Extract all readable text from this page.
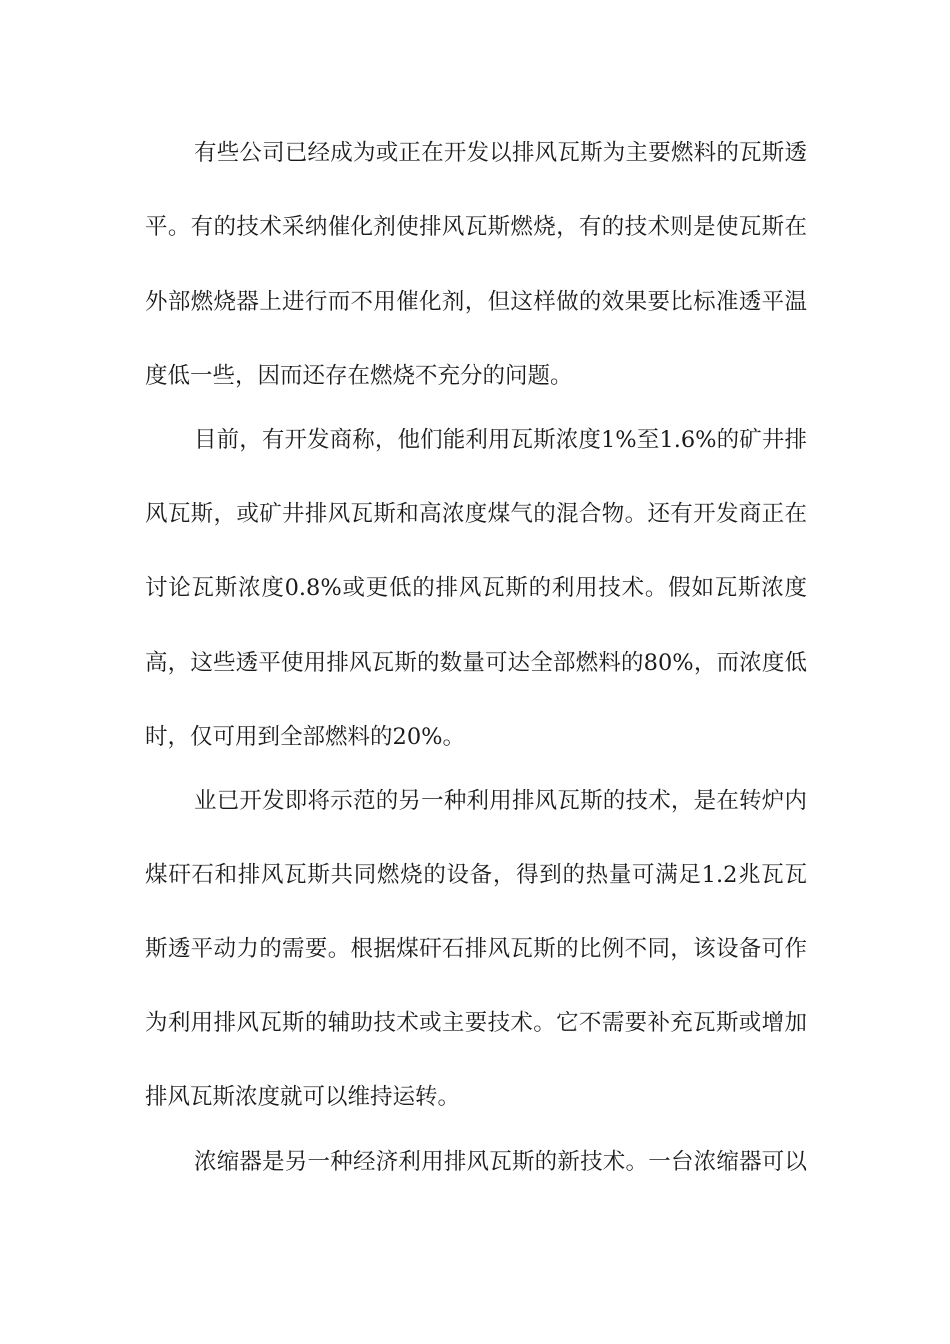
有些公司已经成为或正在开发以排风瓦斯为主要燃料的瓦斯透
平。有的技术采纳催化剂使排风瓦斯燃烧，有的技术则是使瓦斯在
外部燃烧器上进行而不用催化剂，但这样做的效果要比标准透平温
度低一些，因而还存在燃烧不充分的问题。
目前，有开发商称，他们能利用瓦斯浓度1%至1.6%的矿井排
风瓦斯，或矿井排风瓦斯和高浓度煤气的混合物。还有开发商正在
讨论瓦斯浓度0.8%或更低的排风瓦斯的利用技术。假如瓦斯浓度
高，这些透平使用排风瓦斯的数量可达全部燃料的80%，而浓度低
时，仅可用到全部燃料的20%。
业已开发即将示范的另一种利用排风瓦斯的技术，是在转炉内
煤矸石和排风瓦斯共同燃烧的设备，得到的热量可满足1.2兆瓦瓦
斯透平动力的需要。根据煤矸石排风瓦斯的比例不同，该设备可作
为利用排风瓦斯的辅助技术或主要技术。它不需要补充瓦斯或增加
排风瓦斯浓度就可以维持运转。
浓缩器是另一种经济利用排风瓦斯的新技术。一台浓缩器可以
